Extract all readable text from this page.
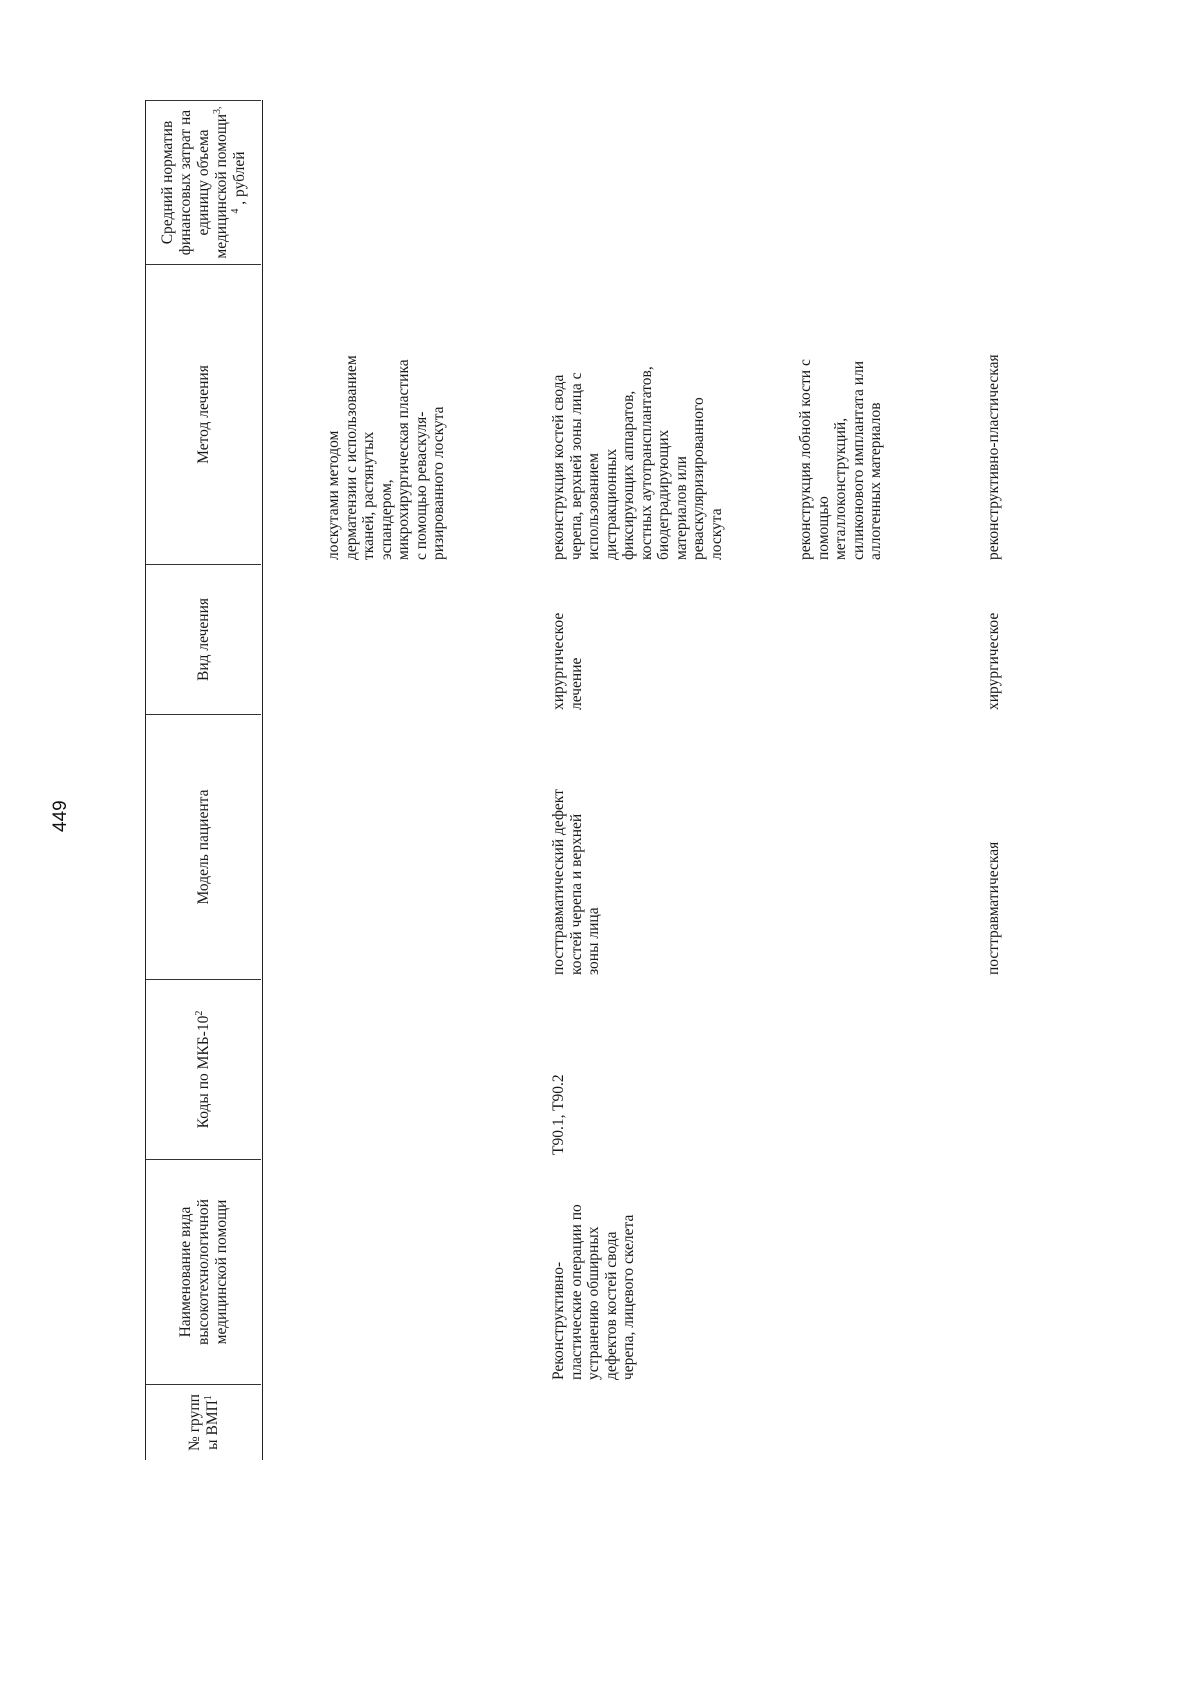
449
№ групп ы ВМП$^1$
Наименование вида высокотехнологичной медицинской помощи
Коды по МКБ-$10^2$
Модель пациента
Вид лечения
Метод лечения
Средний норматив финансовых затрат на единицу объема медицинской помощи$^{3, 4}$ , рублей
лоскутами методом
дерматензии с использованием
тканей, растянутых
эспандером,
микрохирургическая пластика
с помощью реваскуля-
ризированного лоскута
Реконструктивно-
пластические операции по
устранению обширных
дефектов костей свода
черепа, лицевого скелета
T90.1, T90.2
посттравматический дефект
костей черепа и верхней
зоны лица
хирургическое
лечение
реконструкция костей свода
черепа, верхней зоны лица с
использованием
дистракционных
фиксирующих аппаратов,
костных аутотрансплантатов,
биодеградирующих
материалов или
реваскуляризированного
лоскута	реконструкция лобной кости с
помощью
металлоконструкций,
силиконового имплантата или
аллогенных материалов
посттравматическая
хирургическое
реконструктивно-пластическая
